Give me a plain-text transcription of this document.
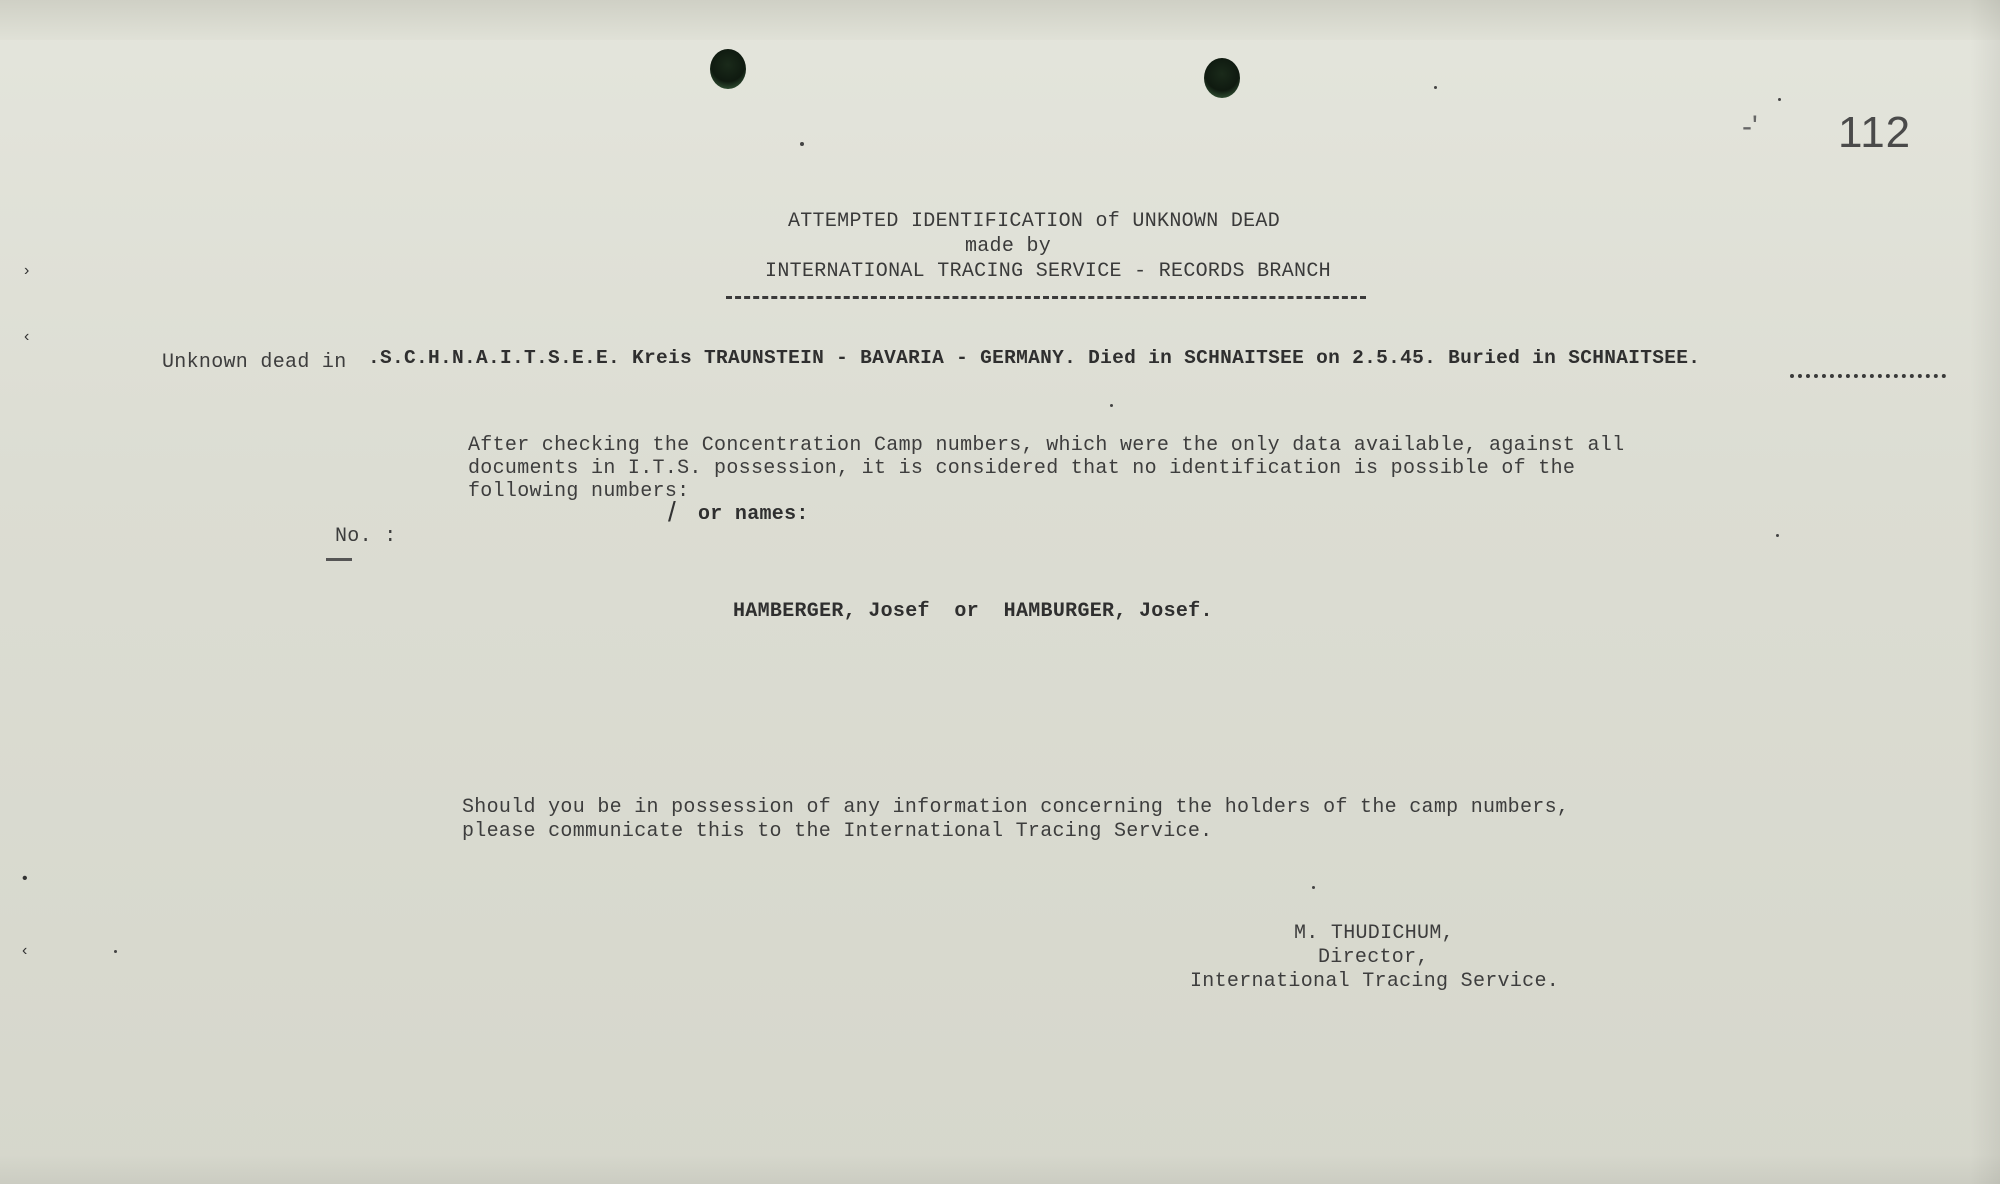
-' 112
ATTEMPTED IDENTIFICATION of UNKNOWN DEAD
made by
INTERNATIONAL TRACING SERVICE - RECORDS BRANCH
Unknown dead in .S.C.H.N.A.I.T.S.E.E. Kreis TRAUNSTEIN - BAVARIA - GERMANY. Died in SCHNAITSEE on 2.5.45. Buried in SCHNAITSEE.
After checking the Concentration Camp numbers, which were the only data available, against all
documents in I.T.S. possession, it is considered that no identification is possible of the
following numbers:
/ or names:
No. :
HAMBERGER, Josef  or  HAMBURGER, Josef.
Should you be in possession of any information concerning the holders of the camp numbers,
please communicate this to the International Tracing Service.
M. THUDICHUM,
Director,
International Tracing Service.
›
‹
•
‹
